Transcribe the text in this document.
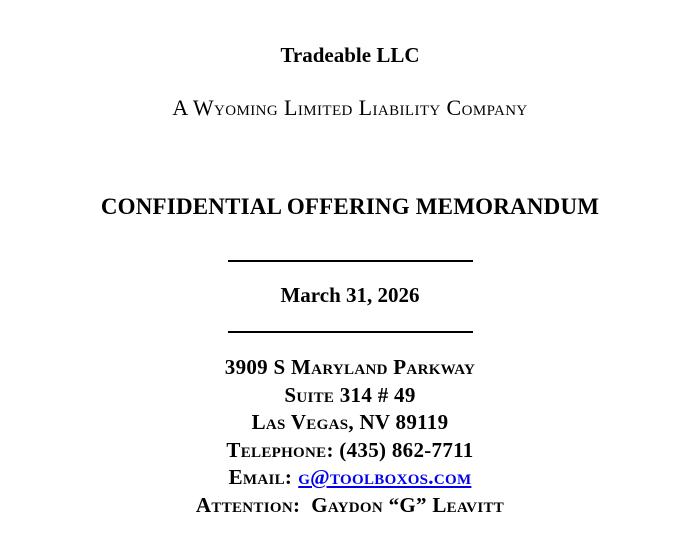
Tradeable LLC
A Wyoming Limited Liability Company
CONFIDENTIAL OFFERING MEMORANDUM
March 31, 2026
3909 S Maryland Parkway
Suite 314 # 49
Las Vegas, NV 89119
Telephone: (435) 862-7711
Email: g@toolboxos.com
Attention: Gaydon “G” Leavitt
